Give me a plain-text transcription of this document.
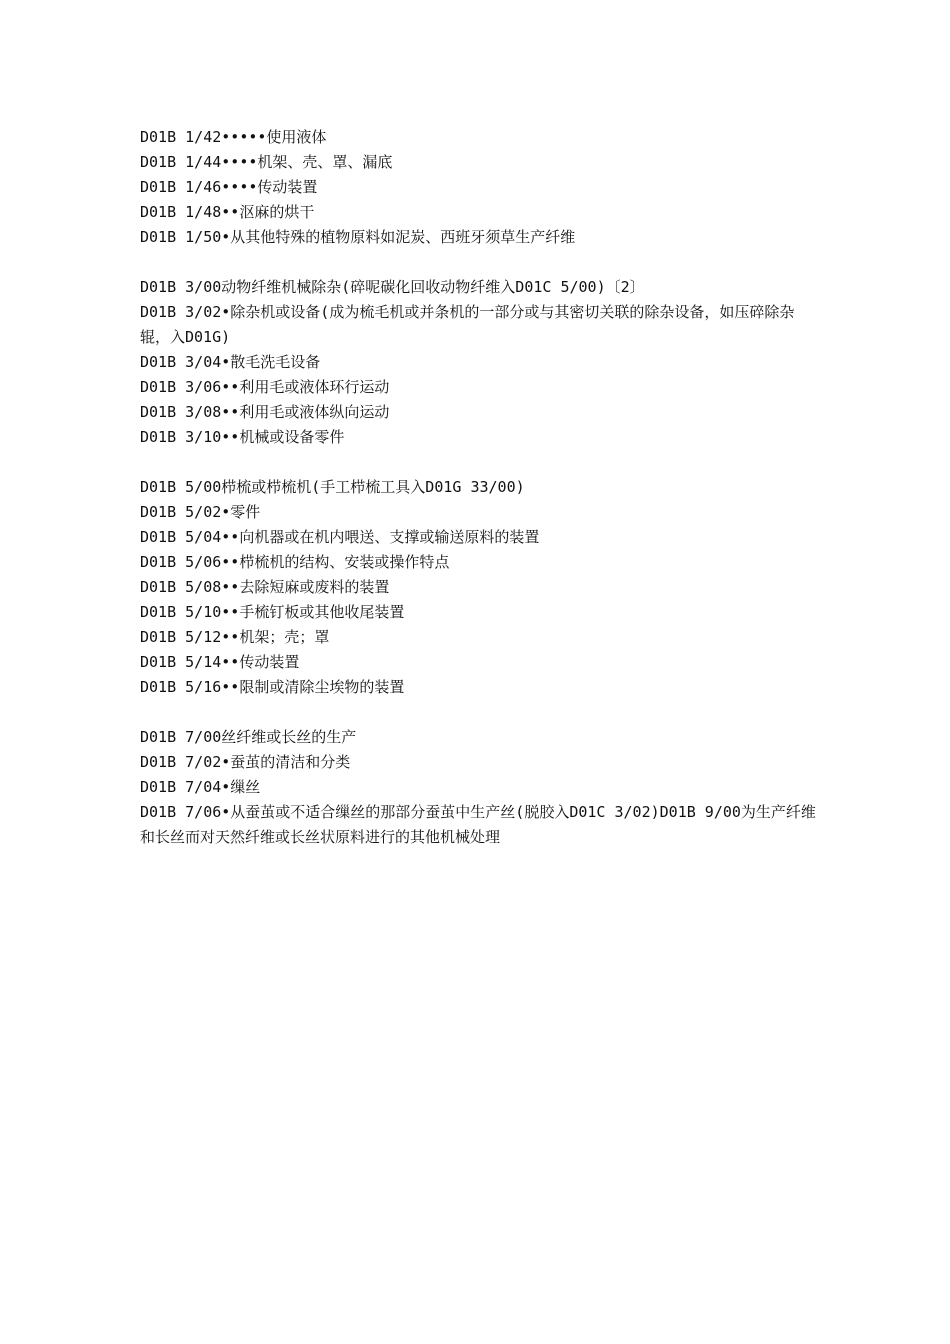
D01B 1/42•••••使用液体
D01B 1/44••••机架、壳、罩、漏底
D01B 1/46••••传动装置
D01B 1/48••沤麻的烘干
D01B 1/50•从其他特殊的植物原料如泥炭、西班牙须草生产纤维
D01B 3/00动物纤维机械除杂(碎呢碳化回收动物纤维入D01C 5/00)〔2〕
D01B 3/02•除杂机或设备(成为梳毛机或并条机的一部分或与其密切关联的除杂设备，如压碎除杂辊，入D01G)
D01B 3/04•散毛洗毛设备
D01B 3/06••利用毛或液体环行运动
D01B 3/08••利用毛或液体纵向运动
D01B 3/10••机械或设备零件
D01B 5/00栉梳或栉梳机(手工栉梳工具入D01G 33/00)
D01B 5/02•零件
D01B 5/04••向机器或在机内喂送、支撑或输送原料的装置
D01B 5/06••栉梳机的结构、安装或操作特点
D01B 5/08••去除短麻或废料的装置
D01B 5/10••手梳钉板或其他收尾装置
D01B 5/12••机架；壳；罩
D01B 5/14••传动装置
D01B 5/16••限制或清除尘埃物的装置
D01B 7/00丝纤维或长丝的生产
D01B 7/02•蚕茧的清洁和分类
D01B 7/04•缫丝
D01B 7/06•从蚕茧或不适合缫丝的那部分蚕茧中生产丝(脱胶入D01C 3/02)D01B 9/00为生产纤维和长丝而对天然纤维或长丝状原料进行的其他机械处理
